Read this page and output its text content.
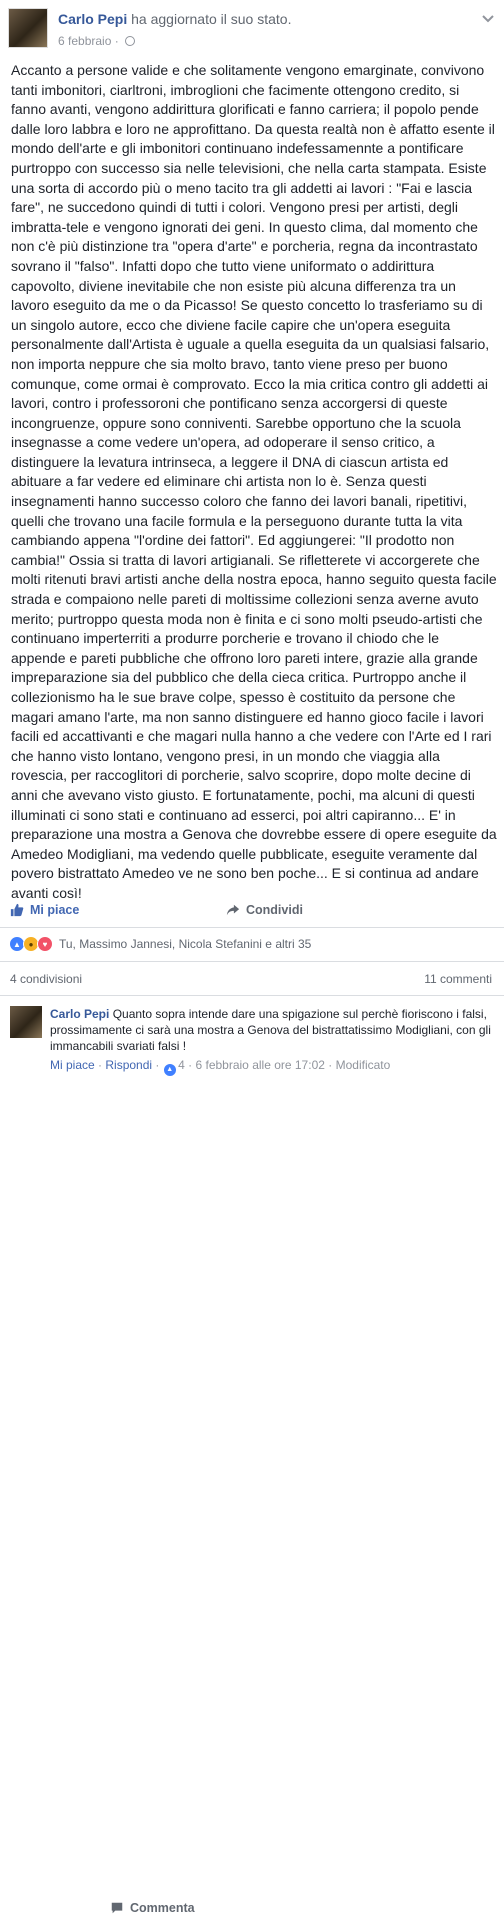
Carlo Pepi ha aggiornato il suo stato.
6 febbraio ·
Accanto a persone valide e che solitamente vengono emarginate, convivono tanti imbonitori, ciarltroni, imbroglioni che facimente ottengono credito, si fanno avanti, vengono addirittura glorificati e fanno carriera; il popolo pende dalle loro labbra e loro ne approfittano. Da questa realtà non è affatto esente il mondo dell'arte e gli imbonitori continuano indefessamennte a pontificare purtroppo con successo sia nelle televisioni, che nella carta stampata. Esiste una sorta di accordo più o meno tacito tra gli addetti ai lavori : "Fai e lascia fare", ne succedono quindi di tutti i colori. Vengono presi per artisti, degli imbratta-tele e vengono ignorati dei geni. In questo clima, dal momento che non c'è più distinzione tra "opera d'arte" e porcheria, regna da incontrastato sovrano il "falso". Infatti dopo che tutto viene uniformato o addirittura capovolto, diviene inevitabile che non esiste più alcuna differenza tra un lavoro eseguito da me o da Picasso! Se questo concetto lo trasferiamo su di un singolo autore, ecco che diviene facile capire che un'opera eseguita personalmente dall'Artista è uguale a quella eseguita da un qualsiasi falsario, non importa neppure che sia molto bravo, tanto viene preso per buono comunque, come ormai è comprovato. Ecco la mia critica contro gli addetti ai lavori, contro i professoroni che pontificano senza accorgersi di queste incongruenze, oppure sono conniventi. Sarebbe opportuno che la scuola insegnasse a come vedere un'opera, ad odoperare il senso critico, a distinguere la levatura intrinseca, a leggere il DNA di ciascun artista ed abituare a far vedere ed eliminare chi artista non lo è. Senza questi insegnamenti hanno successo coloro che fanno dei lavori banali, ripetitivi, quelli che trovano una facile formula e la perseguono durante tutta la vita cambiando appena "l'ordine dei fattori". Ed aggiungerei: "Il prodotto non cambia!" Ossia si tratta di lavori artigianali. Se rifletterete vi accorgerete che molti ritenuti bravi artisti anche della nostra epoca, hanno seguito questa facile strada e compaiono nelle pareti di moltissime collezioni senza averne avuto merito; purtroppo questa moda non è finita e ci sono molti pseudo-artisti che continuano imperterriti a produrre porcherie e trovano il chiodo che le appende e pareti pubbliche che offrono loro pareti intere, grazie alla grande impreparazione sia del pubblico che della cieca critica. Purtroppo anche il collezionismo ha le sue brave colpe, spesso è costituito da persone che magari amano l'arte, ma non sanno distinguere ed hanno gioco facile i lavori facili ed accattivanti e che magari nulla hanno a che vedere con l'Arte ed I rari che hanno visto lontano, vengono presi, in un mondo che viaggia alla rovescia, per raccoglitori di porcherie, salvo scoprire, dopo molte decine di anni che avevano visto giusto. E fortunatamente, pochi, ma alcuni di questi illuminati ci sono stati e continuano ad esserci, poi altri capiranno... E' in preparazione una mostra a Genova che dovrebbe essere di opere eseguite da Amedeo Modigliani, ma vedendo quelle pubblicate, eseguite veramente dal povero bistrattato Amedeo ve ne sono ben poche... E si continua ad andare avanti così!
Mi piace
Commenta
Condividi
▲ ●	♥ Tu, Massimo Jannesi, Nicola Stefanini e altri 35
4 condivisioni	11 commenti
Carlo Pepi Quanto sopra intende dare una spigazione sul perchè fioriscono i falsi, prossimamente ci sarà una mostra a Genova del bistrattatissimo Modigliani, con gli immancabili svariati falsi !
Mi piace · Rispondi · ▲ 4 · 6 febbraio alle ore 17:02 · Modificato
